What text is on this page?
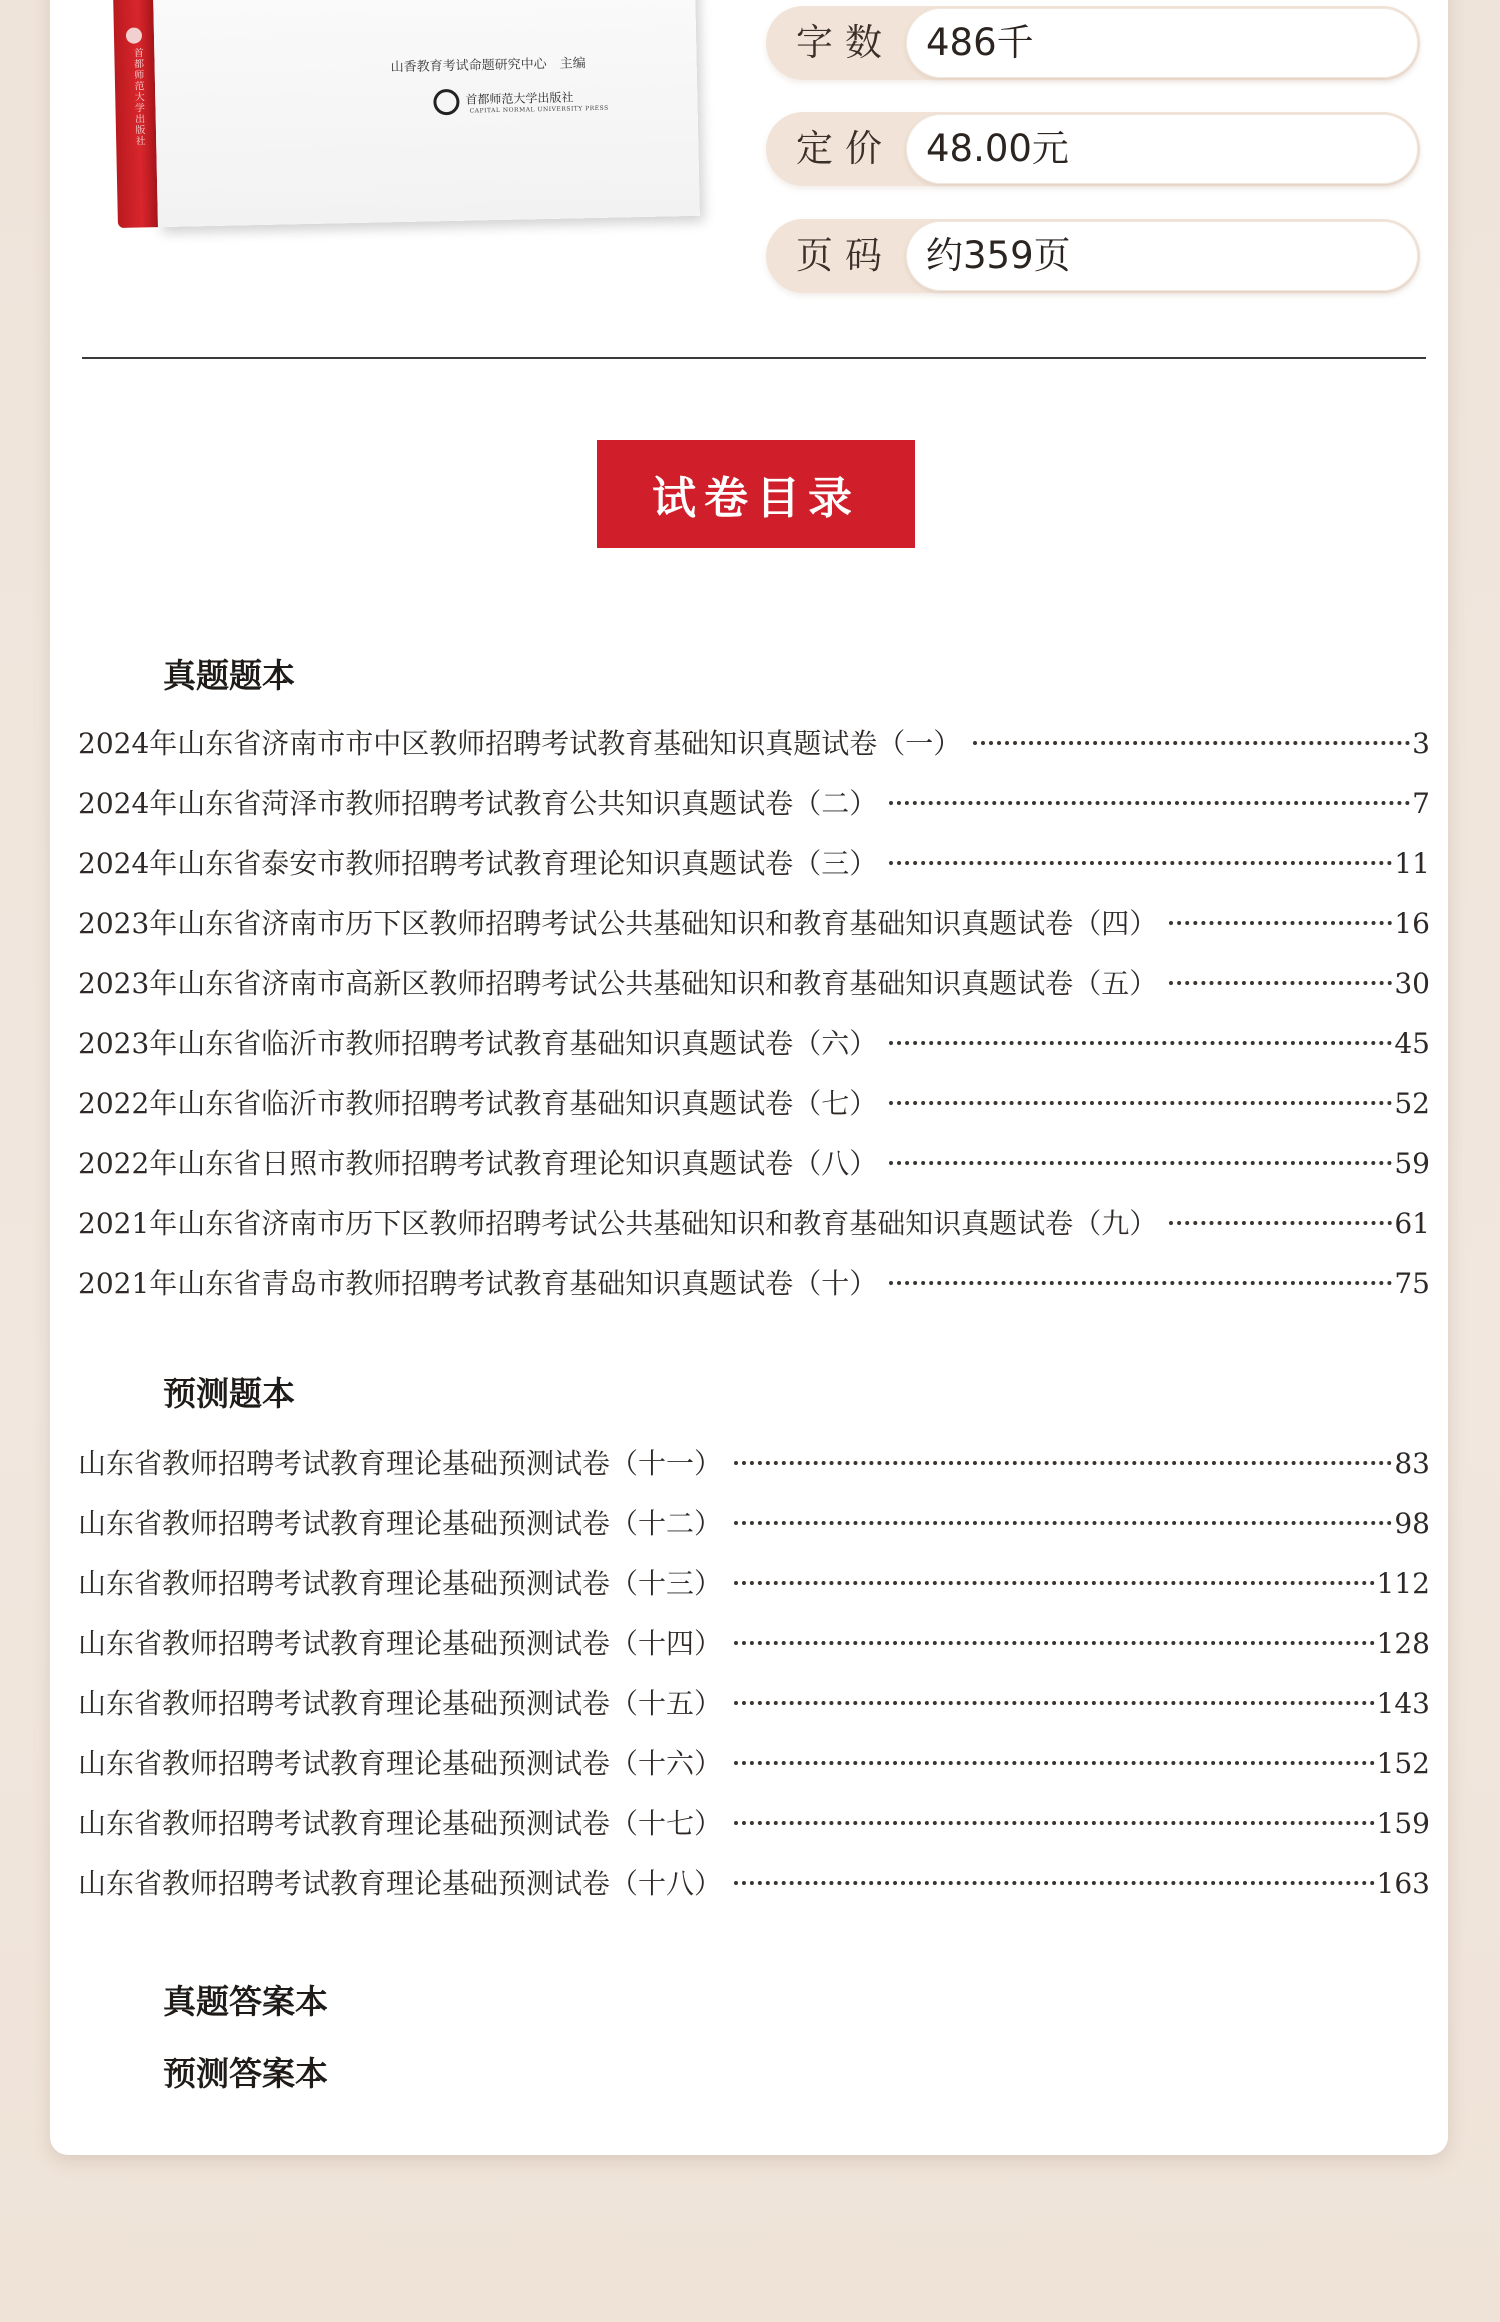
首都师范大学出版社	山香教育考试命题研究中心　主编
首都师范大学出版社
CAPITAL NORMAL UNIVERSITY PRESS
字数 486千
定价 48.00元
页码 约359页
试卷目录
真题题本
2024年山东省济南市市中区教师招聘考试教育基础知识真题试卷（一）	3
2024年山东省菏泽市教师招聘考试教育公共知识真题试卷（二）	7
2024年山东省泰安市教师招聘考试教育理论知识真题试卷（三）	11
2023年山东省济南市历下区教师招聘考试公共基础知识和教育基础知识真题试卷（四）	16
2023年山东省济南市高新区教师招聘考试公共基础知识和教育基础知识真题试卷（五）	30
2023年山东省临沂市教师招聘考试教育基础知识真题试卷（六）	45
2022年山东省临沂市教师招聘考试教育基础知识真题试卷（七）	52
2022年山东省日照市教师招聘考试教育理论知识真题试卷（八）	59
2021年山东省济南市历下区教师招聘考试公共基础知识和教育基础知识真题试卷（九）	61
2021年山东省青岛市教师招聘考试教育基础知识真题试卷（十）	75
预测题本
山东省教师招聘考试教育理论基础预测试卷（十一）	83
山东省教师招聘考试教育理论基础预测试卷（十二）	98
山东省教师招聘考试教育理论基础预测试卷（十三）	112
山东省教师招聘考试教育理论基础预测试卷（十四）	128
山东省教师招聘考试教育理论基础预测试卷（十五）	143
山东省教师招聘考试教育理论基础预测试卷（十六）	152
山东省教师招聘考试教育理论基础预测试卷（十七）	159
山东省教师招聘考试教育理论基础预测试卷（十八）	163
真题答案本
预测答案本
